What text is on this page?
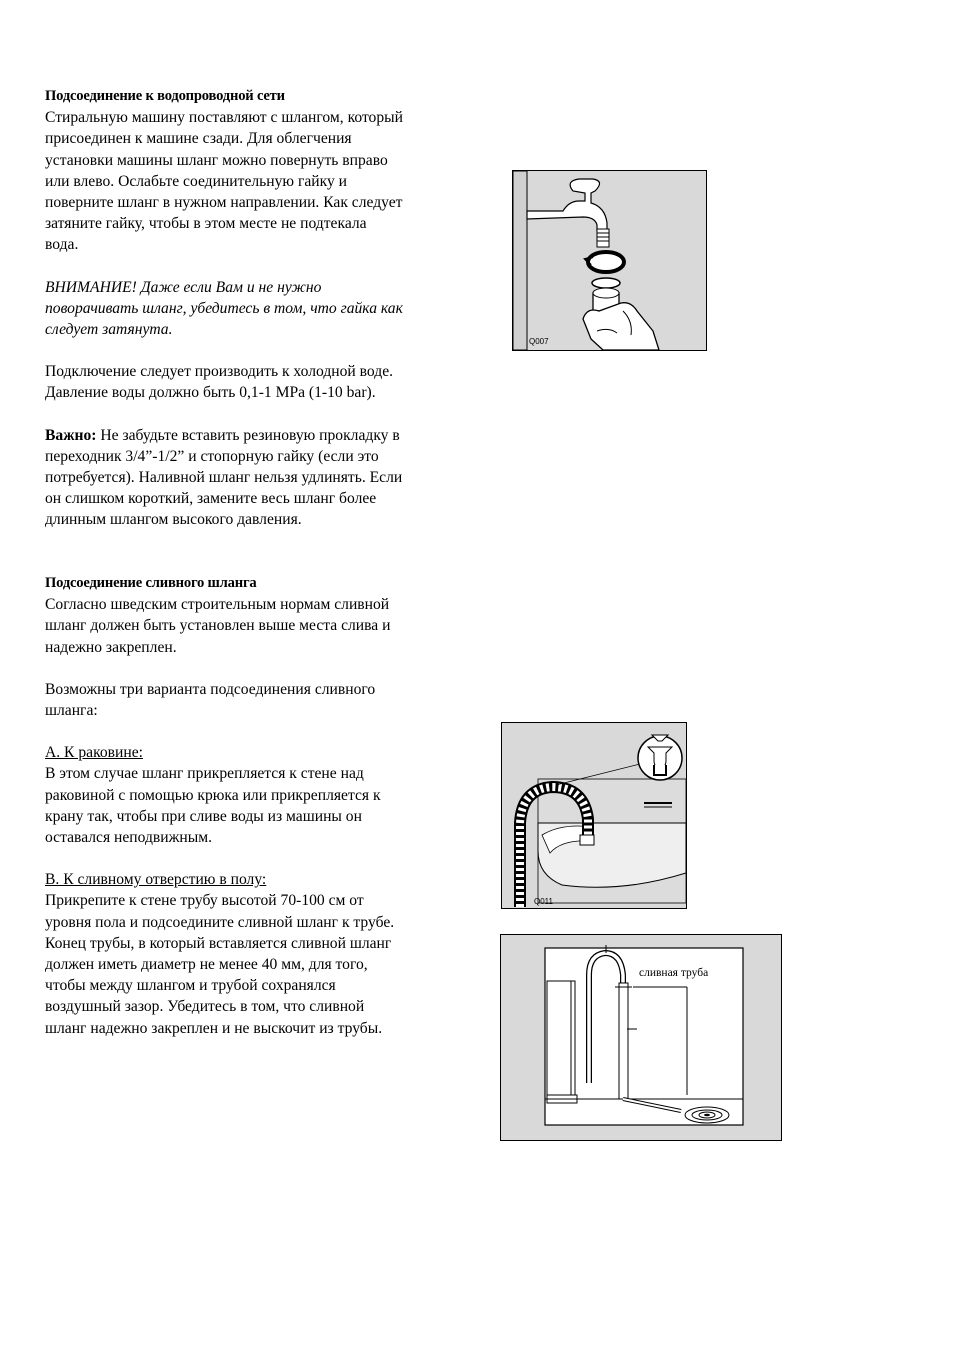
Подсоединение к водопроводной сети

Стиральную машину поставляют с шлангом, который
присоединен к машине сзади. Для облегчения
установки машины шланг можно повернуть вправо
или влево. Ослабьте соединительную гайку и
поверните шланг в нужном направлении. Как следует
затяните гайку, чтобы в этом месте не подтекала
вода.

ВНИМАНИЕ! Даже если Вам и не нужно
поворачивать шланг, убедитесь в том, что гайка как
следует затянута.

Подключение следует производить к холодной воде.
Давление воды должно быть 0,1-1 MPa (1-10 bar).

Важно: Не забудьте вставить резиновую прокладку в
переходник 3/4”-1/2” и стопорную гайку (если это
потребуется). Наливной шланг нельзя удлинять. Если
он слишком короткий, замените весь шланг более
длинным шлангом высокого давления.

Подсоединение сливного шланга

Согласно шведским строительным нормам сливной
шланг должен быть установлен выше места слива и
надежно закреплен.

Возможны три варианта подсоединения сливного
шланга:

А. К раковине:
В этом случае шланг прикрепляется к стене над
раковиной с помощью крюка или прикрепляется к
крану так, чтобы при сливе воды из машины он
оставался неподвижным.

В. К сливному отверстию в полу:
Прикрепите к стене трубу высотой 70-100 см от
уровня пола и подсоедините сливной шланг к трубе.
Конец трубы, в который вставляется сливной шланг
должен иметь диаметр не менее 40 мм, для того,
чтобы между шлангом и трубой сохранялся
воздушный зазор. Убедитесь в том, что сливной
шланг надежно закреплен и не выскочит из трубы.

Q007
Q011
сливная труба
